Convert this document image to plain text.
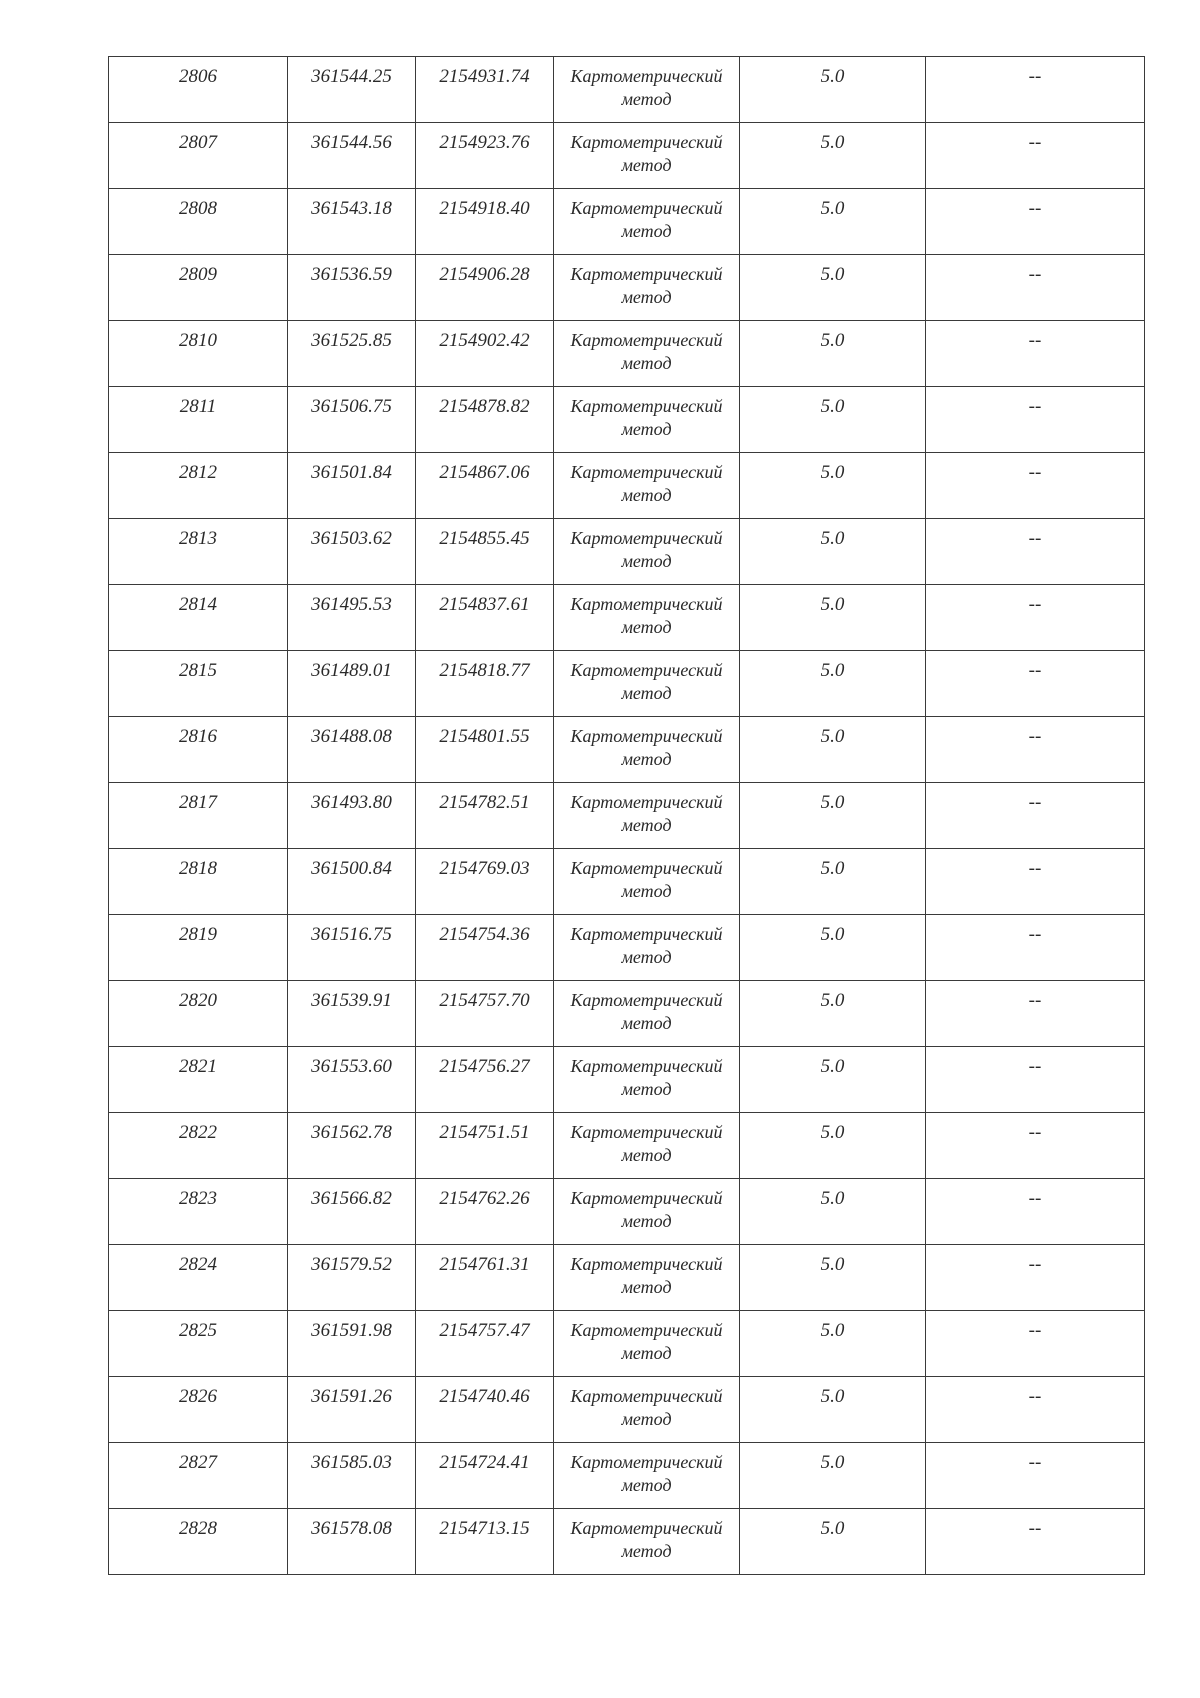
2806	361544.25	2154931.74	Картометрический
метод	5.0	--
2807	361544.56	2154923.76	Картометрический
метод	5.0	--
2808	361543.18	2154918.40	Картометрический
метод	5.0	--
2809	361536.59	2154906.28	Картометрический
метод	5.0	--
2810	361525.85	2154902.42	Картометрический
метод	5.0	--
2811	361506.75	2154878.82	Картометрический
метод	5.0	--
2812	361501.84	2154867.06	Картометрический
метод	5.0	--
2813	361503.62	2154855.45	Картометрический
метод	5.0	--
2814	361495.53	2154837.61	Картометрический
метод	5.0	--
2815	361489.01	2154818.77	Картометрический
метод	5.0	--
2816	361488.08	2154801.55	Картометрический
метод	5.0	--
2817	361493.80	2154782.51	Картометрический
метод	5.0	--
2818	361500.84	2154769.03	Картометрический
метод	5.0	--
2819	361516.75	2154754.36	Картометрический
метод	5.0	--
2820	361539.91	2154757.70	Картометрический
метод	5.0	--
2821	361553.60	2154756.27	Картометрический
метод	5.0	--
2822	361562.78	2154751.51	Картометрический
метод	5.0	--
2823	361566.82	2154762.26	Картометрический
метод	5.0	--
2824	361579.52	2154761.31	Картометрический
метод	5.0	--
2825	361591.98	2154757.47	Картометрический
метод	5.0	--
2826	361591.26	2154740.46	Картометрический
метод	5.0	--
2827	361585.03	2154724.41	Картометрический
метод	5.0	--
2828	361578.08	2154713.15	Картометрический
метод	5.0	--
